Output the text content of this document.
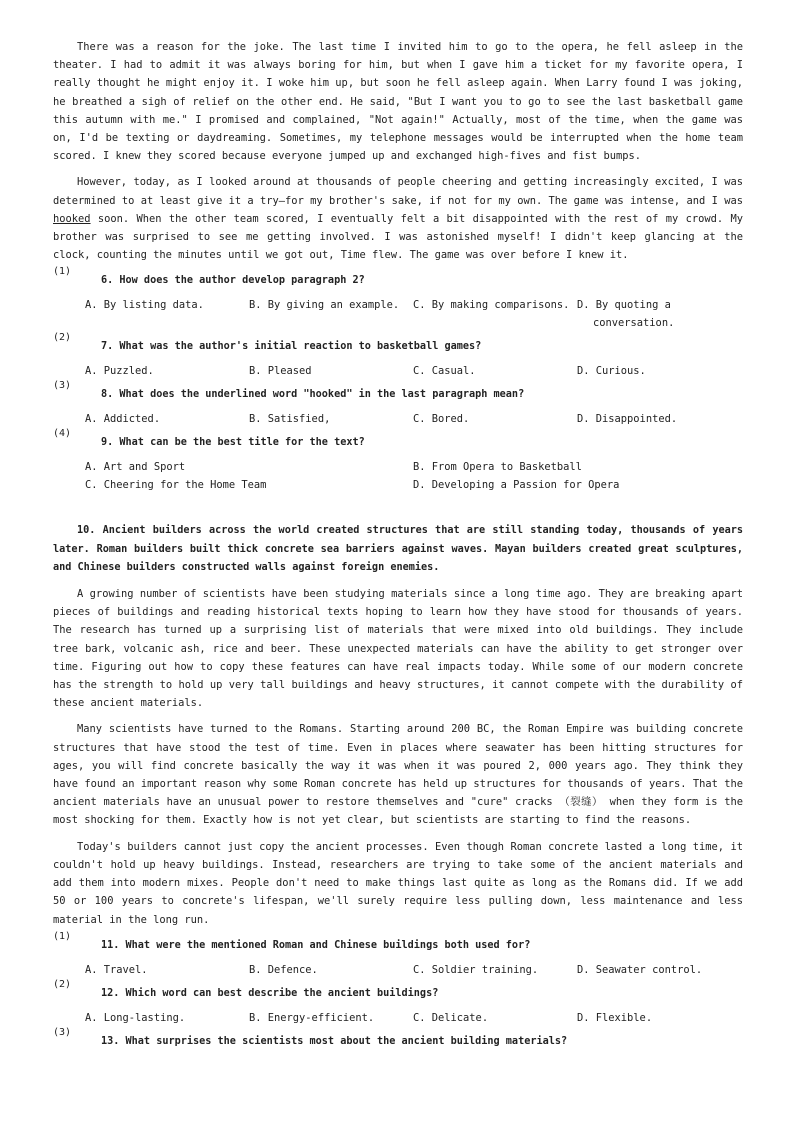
There was a reason for the joke. The last time I invited him to go to the opera, he fell asleep in the theater. I had to admit it was always boring for him, but when I gave him a ticket for my favorite opera, I really thought he might enjoy it. I woke him up, but soon he fell asleep again. When Larry found I was joking, he breathed a sigh of relief on the other end. He said, "But I want you to go to see the last basketball game this autumn with me." I promised and complained, "Not again!" Actually, most of the time, when the game was on, I'd be texting or daydreaming. Sometimes, my telephone messages would be interrupted when the home team scored. I knew they scored because everyone jumped up and exchanged high-fives and fist bumps.

However, today, as I looked around at thousands of people cheering and getting increasingly excited, I was determined to at least give it a try—for my brother's sake, if not for my own. The game was intense, and I was hooked soon. When the other team scored, I eventually felt a bit disappointed with the rest of my crowd. My brother was surprised to see me getting involved. I was astonished myself! I didn't keep glancing at the clock, counting the minutes until we got out, Time flew. The game was over before I knew it.

(1)

6. How does the author develop paragraph 2?

A. By listing data.	B. By giving an example.	C. By making comparisons. D. By quoting a conversation.
(2)

7. What was the author's initial reaction to basketball games?

A. Puzzled.	B. Pleased	C. Casual.	D. Curious.
(3)

8. What does the underlined word "hooked" in the last paragraph mean?

A. Addicted.	B. Satisfied,	C. Bored.	D. Disappointed.
(4)

9. What can be the best title for the text?

A. Art and Sport	B. From Opera to Basketball
C. Cheering for the Home Team	D. Developing a Passion for Opera

10. Ancient builders across the world created structures that are still standing today, thousands of years later. Roman builders built thick concrete sea barriers against waves. Mayan builders created great sculptures, and Chinese builders constructed walls against foreign enemies.

A growing number of scientists have been studying materials since a long time ago. They are breaking apart pieces of buildings and reading historical texts hoping to learn how they have stood for thousands of years. The research has turned up a surprising list of materials that were mixed into old buildings. They include tree bark, volcanic ash, rice and beer. These unexpected materials can have the ability to get stronger over time. Figuring out how to copy these features can have real impacts today. While some of our modern concrete has the strength to hold up very tall buildings and heavy structures, it cannot compete with the durability of these ancient materials.

Many scientists have turned to the Romans. Starting around 200 BC, the Roman Empire was building concrete structures that have stood the test of time. Even in places where seawater has been hitting structures for ages, you will find concrete basically the way it was when it was poured 2, 000 years ago. They think they have found an important reason why some Roman concrete has held up structures for thousands of years. That the ancient materials have an unusual power to restore themselves and "cure" cracks （裂缝） when they form is the most shocking for them. Exactly how is not yet clear, but scientists are starting to find the reasons.

Today's builders cannot just copy the ancient processes. Even though Roman concrete lasted a long time, it couldn't hold up heavy buildings. Instead, researchers are trying to take some of the ancient materials and add them into modern mixes. People don't need to make things last quite as long as the Romans did. If we add 50 or 100 years to concrete's lifespan, we'll surely require less pulling down, less maintenance and less material in the long run.

(1)

11. What were the mentioned Roman and Chinese buildings both used for?

A. Travel.	B. Defence.	C. Soldier training.	D. Seawater control.
(2)

12. Which word can best describe the ancient buildings?

A. Long-lasting.	B. Energy-efficient.	C. Delicate.	D. Flexible.
(3)

13. What surprises the scientists most about the ancient building materials?
